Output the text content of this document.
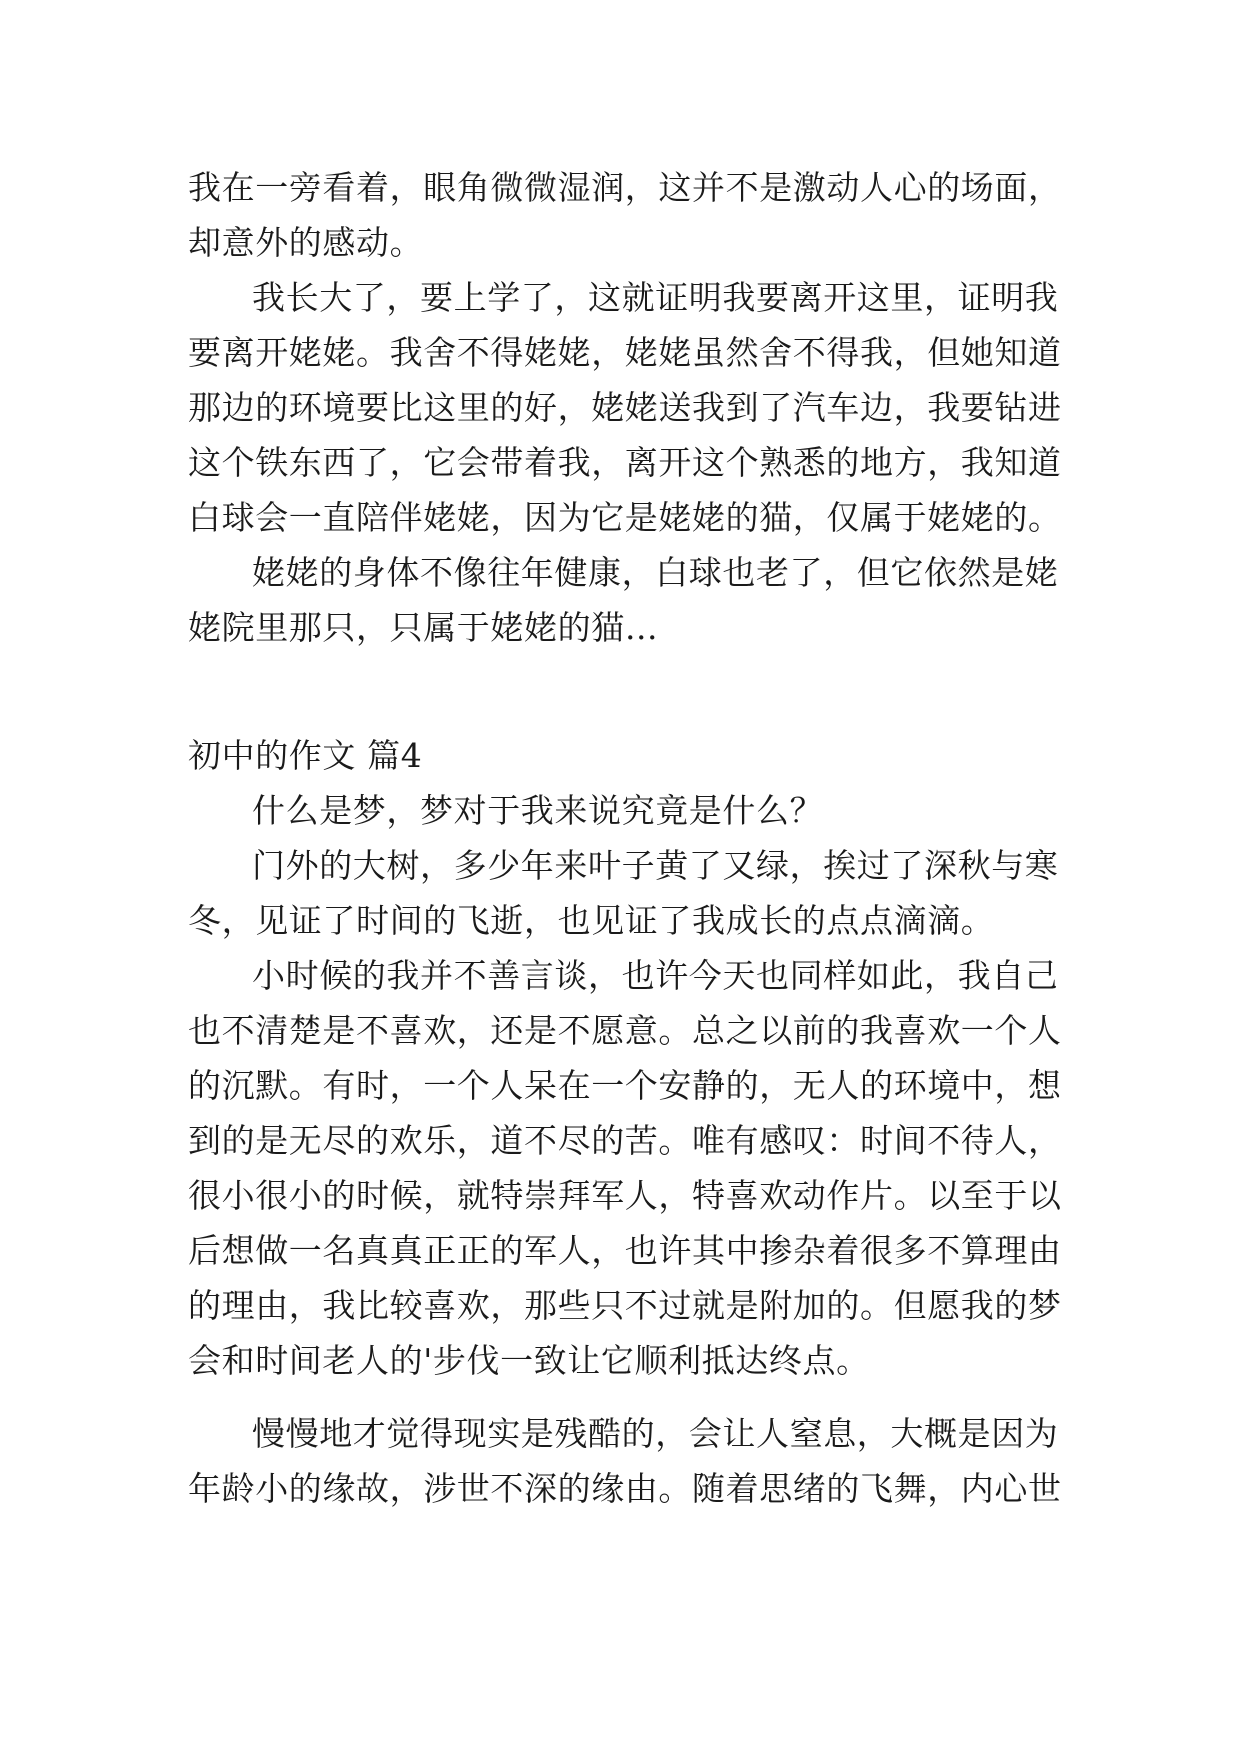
我在一旁看着，眼角微微湿润，这并不是激动人心的场面，
却意外的感动。
我长大了，要上学了，这就证明我要离开这里，证明我
要离开姥姥。我舍不得姥姥，姥姥虽然舍不得我，但她知道
那边的环境要比这里的好，姥姥送我到了汽车边，我要钻进
这个铁东西了，它会带着我，离开这个熟悉的地方，我知道
白球会一直陪伴姥姥，因为它是姥姥的猫，仅属于姥姥的。
姥姥的身体不像往年健康，白球也老了，但它依然是姥
姥院里那只，只属于姥姥的猫…
初中的作文 篇4
什么是梦，梦对于我来说究竟是什么？
门外的大树，多少年来叶子黄了又绿，挨过了深秋与寒
冬，见证了时间的飞逝，也见证了我成长的点点滴滴。
小时候的我并不善言谈，也许今天也同样如此，我自己
也不清楚是不喜欢，还是不愿意。总之以前的我喜欢一个人
的沉默。有时，一个人呆在一个安静的，无人的环境中，想
到的是无尽的欢乐，道不尽的苦。唯有感叹：时间不待人，
很小很小的时候，就特崇拜军人，特喜欢动作片。以至于以
后想做一名真真正正的军人，也许其中掺杂着很多不算理由
的理由，我比较喜欢，那些只不过就是附加的。但愿我的梦
会和时间老人的'步伐一致让它顺利抵达终点。
慢慢地才觉得现实是残酷的，会让人窒息，大概是因为
年龄小的缘故，涉世不深的缘由。随着思绪的飞舞，内心世
